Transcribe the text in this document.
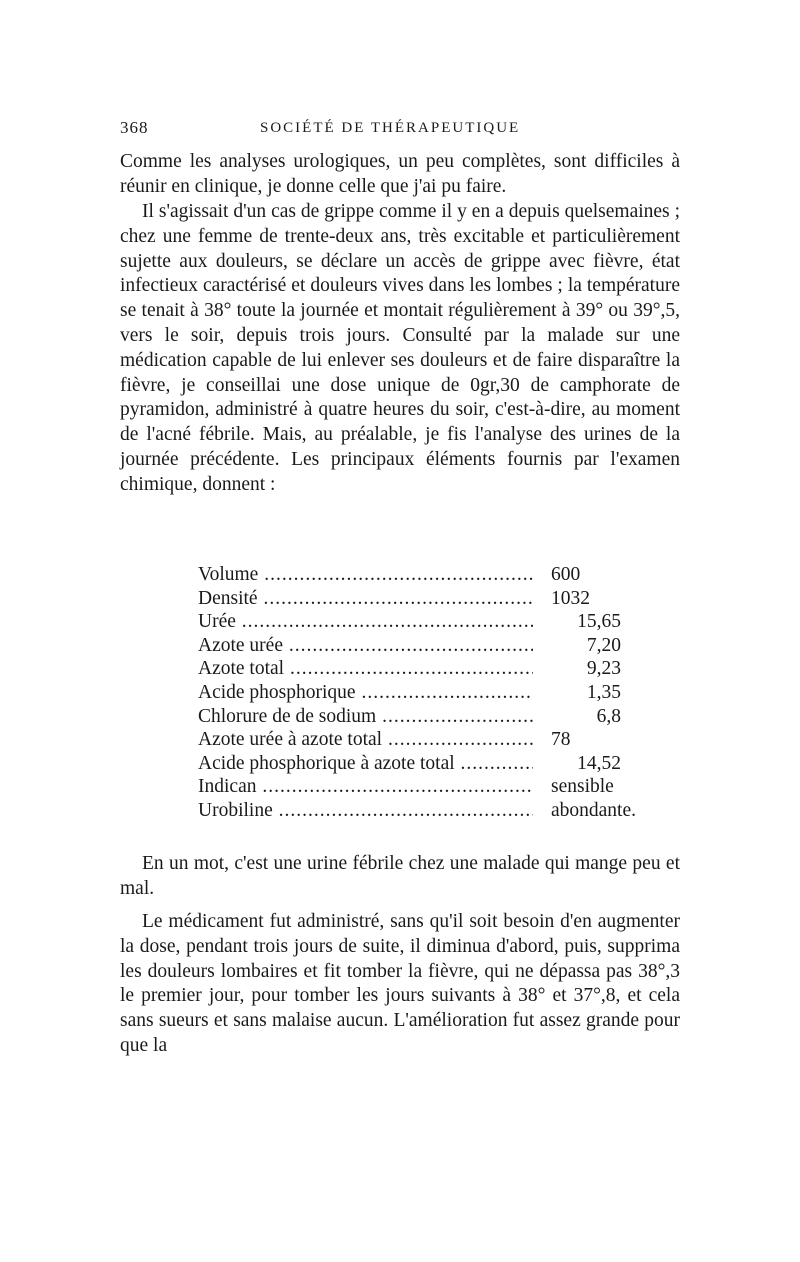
368	SOCIÉTÉ DE THÉRAPEUTIQUE

Comme les analyses urologiques, un peu complètes, sont difficiles à réunir en clinique, je donne celle que j'ai pu faire.

Il s'agissait d'un cas de grippe comme il y en a depuis quelsemaines ; chez une femme de trente-deux ans, très excitable et particulièrement sujette aux douleurs, se déclare un accès de grippe avec fièvre, état infectieux caractérisé et douleurs vives dans les lombes ; la température se tenait à 38° toute la journée et montait régulièrement à 39° ou 39°,5, vers le soir, depuis trois jours. Consulté par la malade sur une médication capable de lui enlever ses douleurs et de faire disparaître la fièvre, je conseillai une dose unique de 0gr,30 de camphorate de pyramidon, administré à quatre heures du soir, c'est-à-dire, au moment de l'acné fébrile. Mais, au préalable, je fis l'analyse des urines de la journée précédente. Les principaux éléments fournis par l'examen chimique, donnent :

Volume .....	600
Densité .....	1032
Urée .....	15,65
Azote urée .....	7,20
Azote total .....	9,23
Acide phosphorique .....	1,35
Chlorure de de sodium .....	6,8
Azote urée à azote total .....	78
Acide phosphorique à azote total .....	14,52
Indican .....	sensible
Urobiline .....	abondante.

En un mot, c'est une urine fébrile chez une malade qui mange peu et mal.

Le médicament fut administré, sans qu'il soit besoin d'en augmenter la dose, pendant trois jours de suite, il diminua d'abord, puis, supprima les douleurs lombaires et fit tomber la fièvre, qui ne dépassa pas 38°,3 le premier jour, pour tomber les jours suivants à 38° et 37°,8, et cela sans sueurs et sans malaise aucun. L'amélioration fut assez grande pour que la
